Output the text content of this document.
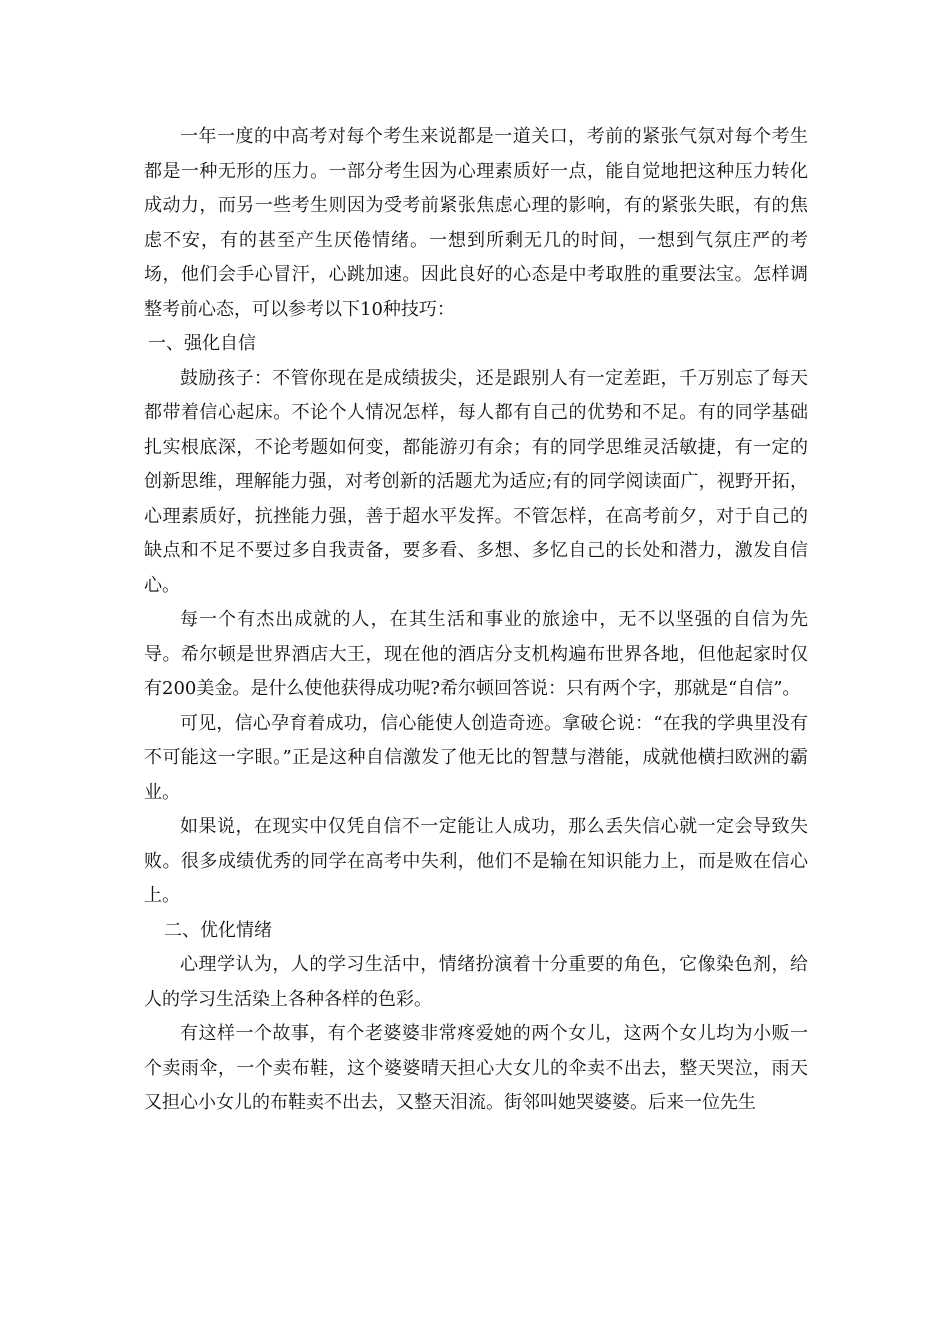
一年一度的中高考对每个考生来说都是一道关口，考前的紧张气氛对每个考生都是一种无形的压力。一部分考生因为心理素质好一点，能自觉地把这种压力转化成动力，而另一些考生则因为受考前紧张焦虑心理的影响，有的紧张失眠，有的焦虑不安，有的甚至产生厌倦情绪。一想到所剩无几的时间，一想到气氛庄严的考场，他们会手心冒汗，心跳加速。因此良好的心态是中考取胜的重要法宝。怎样调整考前心态，可以参考以下10种技巧：

一、强化自信

鼓励孩子：不管你现在是成绩拔尖，还是跟别人有一定差距，千万别忘了每天都带着信心起床。不论个人情况怎样，每人都有自己的优势和不足。有的同学基础扎实根底深，不论考题如何变，都能游刃有余；有的同学思维灵活敏捷，有一定的创新思维，理解能力强，对考创新的活题尤为适应;有的同学阅读面广，视野开拓，心理素质好，抗挫能力强，善于超水平发挥。不管怎样，在高考前夕，对于自己的缺点和不足不要过多自我责备，要多看、多想、多忆自己的长处和潜力，激发自信心。

每一个有杰出成就的人，在其生活和事业的旅途中，无不以坚强的自信为先导。希尔顿是世界酒店大王，现在他的酒店分支机构遍布世界各地，但他起家时仅有200美金。是什么使他获得成功呢?希尔顿回答说：只有两个字，那就是“自信”。

可见，信心孕育着成功，信心能使人创造奇迹。拿破仑说：“在我的学典里没有不可能这一字眼。”正是这种自信激发了他无比的智慧与潜能，成就他横扫欧洲的霸业。

如果说，在现实中仅凭自信不一定能让人成功，那么丢失信心就一定会导致失败。很多成绩优秀的同学在高考中失利，他们不是输在知识能力上，而是败在信心上。

二、优化情绪

心理学认为，人的学习生活中，情绪扮演着十分重要的角色，它像染色剂，给人的学习生活染上各种各样的色彩。

有这样一个故事，有个老婆婆非常疼爱她的两个女儿，这两个女儿均为小贩一个卖雨伞，一个卖布鞋，这个婆婆晴天担心大女儿的伞卖不出去，整天哭泣，雨天又担心小女儿的布鞋卖不出去，又整天泪流。街邻叫她哭婆婆。后来一位先生
